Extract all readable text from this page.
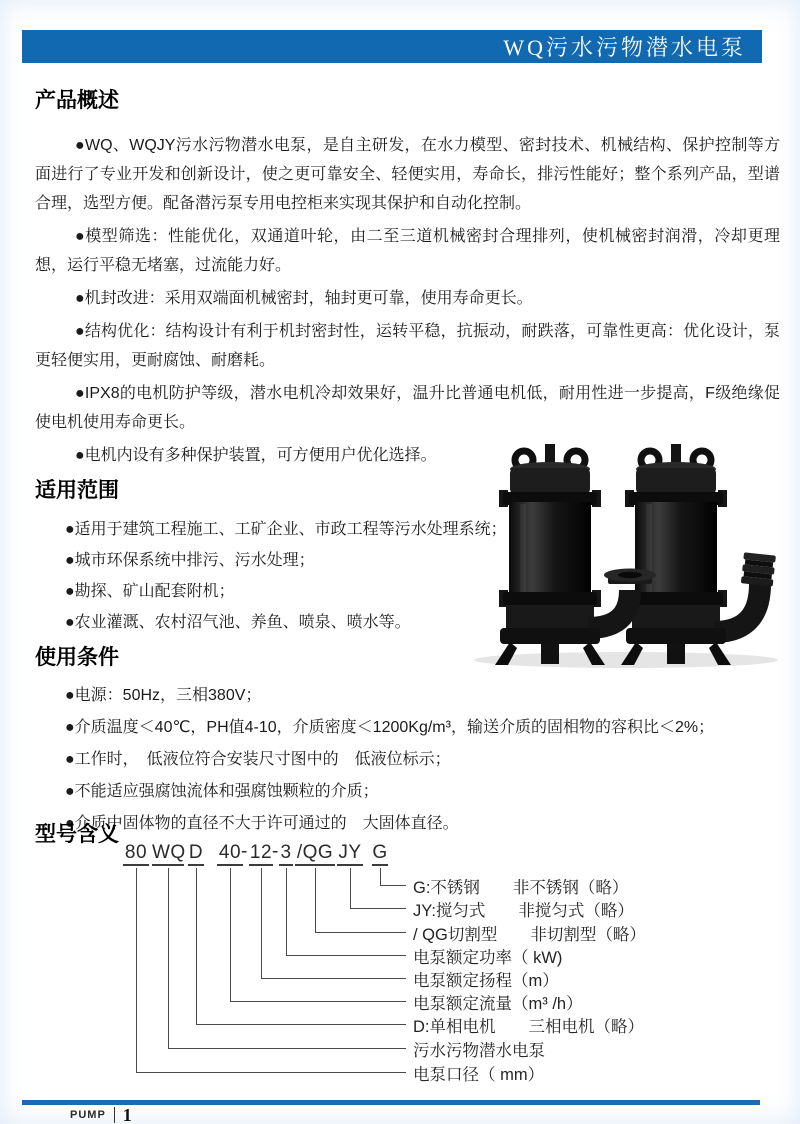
WQ污水污物潜水电泵
产品概述

●WQ、WQJY污水污物潜水电泵，是自主研发，在水力模型、密封技术、机械结构、保护控制等方面进行了专业开发和创新设计，使之更可靠安全、轻便实用，寿命长，排污性能好；整个系列产品，型谱合理，选型方便。配备潜污泵专用电控柜来实现其保护和自动化控制。

●模型筛选：性能优化，双通道叶轮，由二至三道机械密封合理排列，使机械密封润滑，冷却更理想，运行平稳无堵塞，过流能力好。

●机封改进：采用双端面机械密封，轴封更可靠，使用寿命更长。

●结构优化：结构设计有利于机封密封性，运转平稳，抗振动，耐跌落，可靠性更高：优化设计，泵更轻便实用，更耐腐蚀、耐磨耗。

●IPX8的电机防护等级，潜水电机冷却效果好，温升比普通电机低，耐用性进一步提高，F级绝缘促使电机使用寿命更长。

●电机内设有多种保护装置，可方便用户优化选择。

适用范围
●适用于建筑工程施工、工矿企业、市政工程等污水处理系统；
●城市环保系统中排污、污水处理；
●勘探、矿山配套附机；
●农业灌溉、农村沼气池、养鱼、喷泉、喷水等。
使用条件
●电源：50Hz，三相380V；
●介质温度＜40℃，PH值4-10，介质密度＜1200Kg/m³，输送介质的固相物的容积比＜2%；
●工作时，　低液位符合安装尺寸图中的　低液位标示；
●不能适应强腐蚀流体和强腐蚀颗粒的介质；
●介质中固体物的直径不大于许可通过的　大固体直径。
型号含义
80 WQ D 40 - 12 - 3 /QG JY G
G:不锈钢　　非不锈钢（略）
JY:搅匀式　　非搅匀式（略）
/ QG切割型　　非切割型（略）
电泵额定功率（ kW)
电泵额定扬程（m）
电泵额定流量（m³ /h）
D:单相电机　　三相电机（略）
污水污物潜水电泵
电泵口径（ mm）
PUMP 1
